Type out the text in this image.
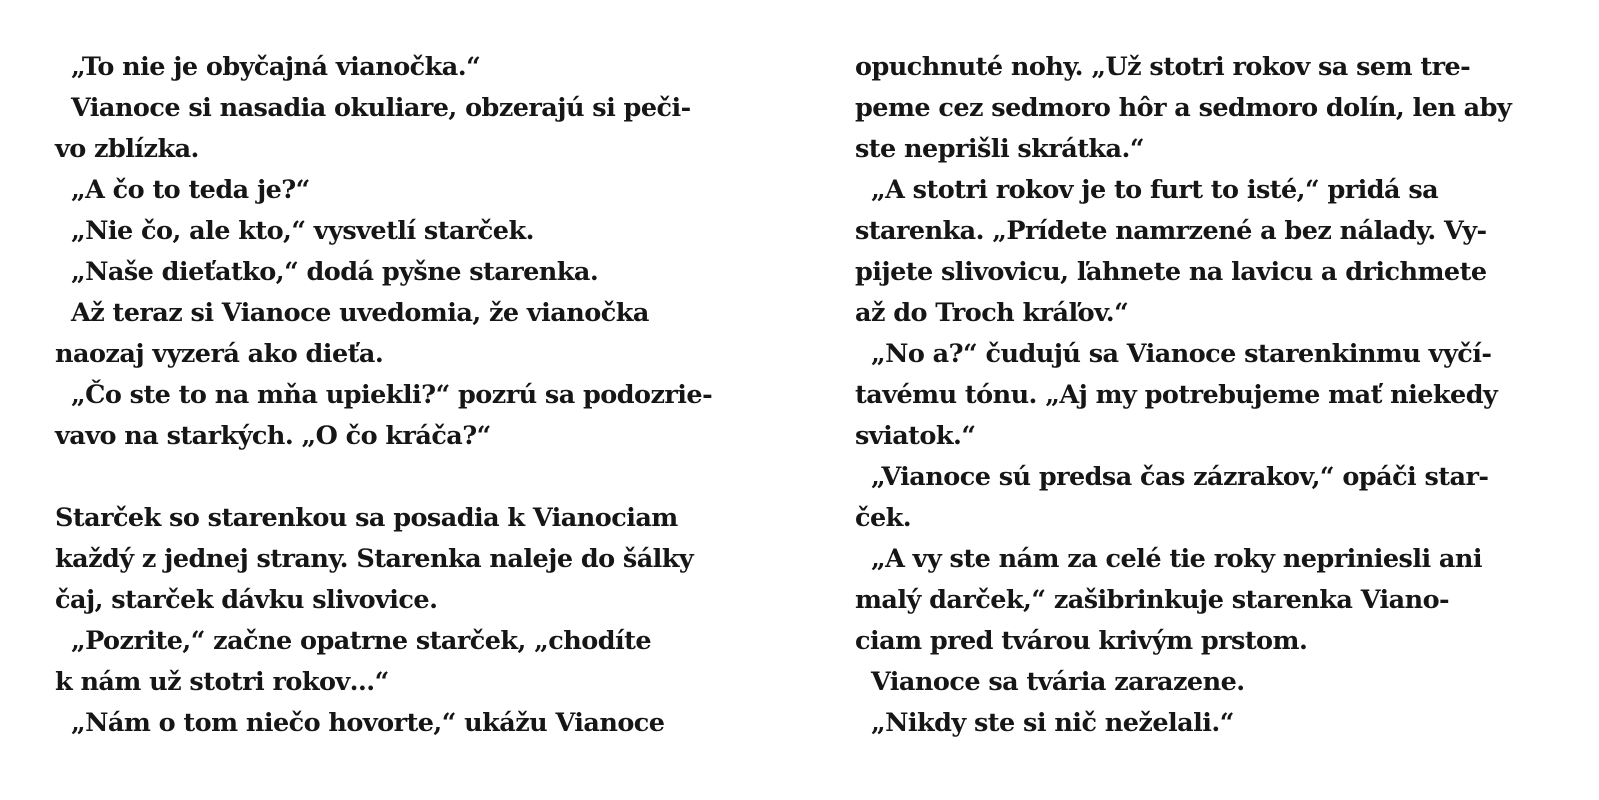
„To nie je obyčajná vianočka.“
Vianoce si nasadia okuliare, obzerajú si peči-
vo zblízka.
„A čo to teda je?“
„Nie čo, ale kto,“ vysvetlí starček.
„Naše dieťatko,“ dodá pyšne starenka.
Až teraz si Vianoce uvedomia, že vianočka
naozaj vyzerá ako dieťa.
„Čo ste to na mňa upiekli?“ pozrú sa podozrie-
vavo na starkých. „O čo kráča?“
Starček so starenkou sa posadia k Vianociam
každý z jednej strany. Starenka naleje do šálky
čaj, starček dávku slivovice.
„Pozrite,“ začne opatrne starček, „chodíte
k nám už stotri rokov…“
„Nám o tom niečo hovorte,“ ukážu Vianoce
opuchnuté nohy. „Už stotri rokov sa sem tre-
peme cez sedmoro hôr a sedmoro dolín, len aby
ste neprišli skrátka.“
„A stotri rokov je to furt to isté,“ pridá sa
starenka. „Prídete namrzené a bez nálady. Vy-
pijete slivovicu, ľahnete na lavicu a drichmete
až do Troch kráľov.“
„No a?“ čudujú sa Vianoce starenkinmu vyčí-
tavému tónu. „Aj my potrebujeme mať niekedy
sviatok.“
„Vianoce sú predsa čas zázrakov,“ opáči star-
ček.
„A vy ste nám za celé tie roky nepriniesli ani
malý darček,“ zašibrinkuje starenka Viano-
ciam pred tvárou krivým prstom.
Vianoce sa tvária zarazene.
„Nikdy ste si nič neželali.“
